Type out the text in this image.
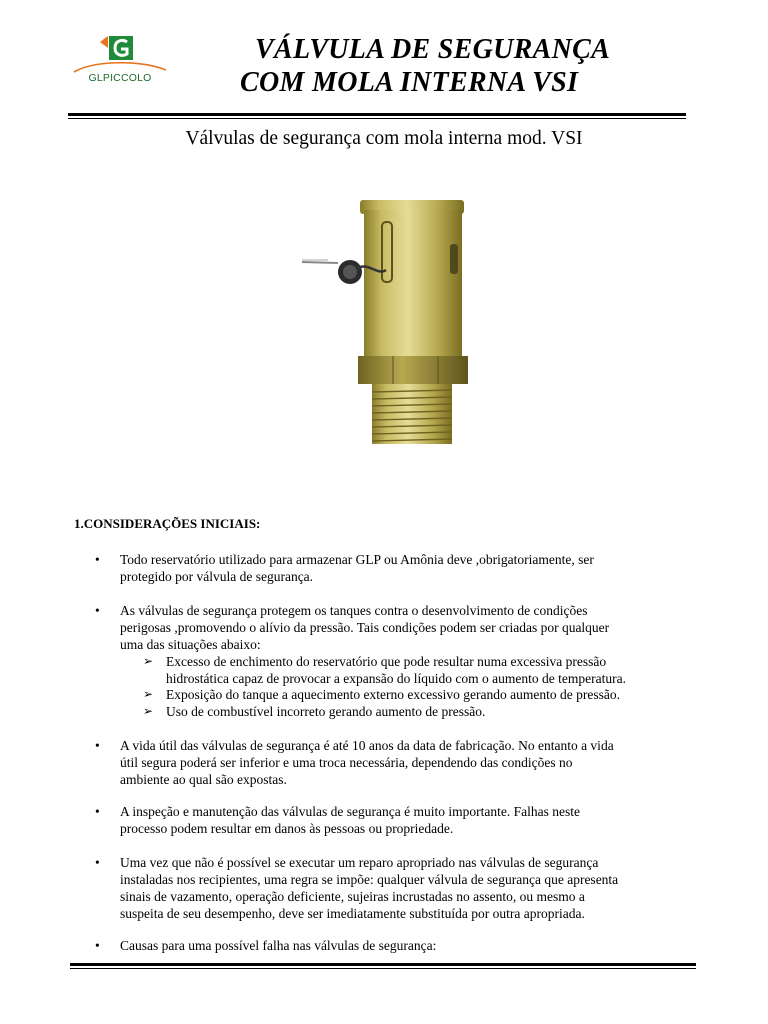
GLPICCOLO
VÁLVULA DE SEGURANÇA
COM MOLA INTERNA VSI
Válvulas de segurança com mola interna mod. VSI
1.CONSIDERAÇÕES INICIAIS:
• Todo reservatório utilizado para armazenar GLP ou Amônia deve ,obrigatoriamente, ser
protegido por válvula de segurança.
• As válvulas de segurança protegem os tanques contra o desenvolvimento de condições
perigosas ,promovendo o alívio da pressão. Tais condições podem ser criadas por qualquer
uma das situações abaixo:
➢ Excesso de enchimento do reservatório que pode resultar numa excessiva pressão
hidrostática capaz de provocar a expansão do líquido com o aumento de temperatura.
➢ Exposição do tanque a aquecimento externo excessivo gerando aumento de pressão.
➢ Uso de combustível incorreto gerando aumento de pressão.
• A vida útil das válvulas de segurança é até 10 anos da data de fabricação. No entanto a vida
útil segura poderá ser inferior e uma troca necessária, dependendo das condições no
ambiente ao qual são expostas.
• A inspeção e manutenção das válvulas de segurança é muito importante. Falhas neste
processo podem resultar em danos às pessoas ou propriedade.
• Uma vez que não é possível se executar um reparo apropriado nas válvulas de segurança
instaladas nos recipientes, uma regra se impõe: qualquer válvula de segurança que apresenta
sinais de vazamento, operação deficiente, sujeiras incrustadas no assento, ou mesmo a
suspeita de seu desempenho, deve ser imediatamente substituída por outra apropriada.
• Causas para uma possível falha nas válvulas de segurança:
